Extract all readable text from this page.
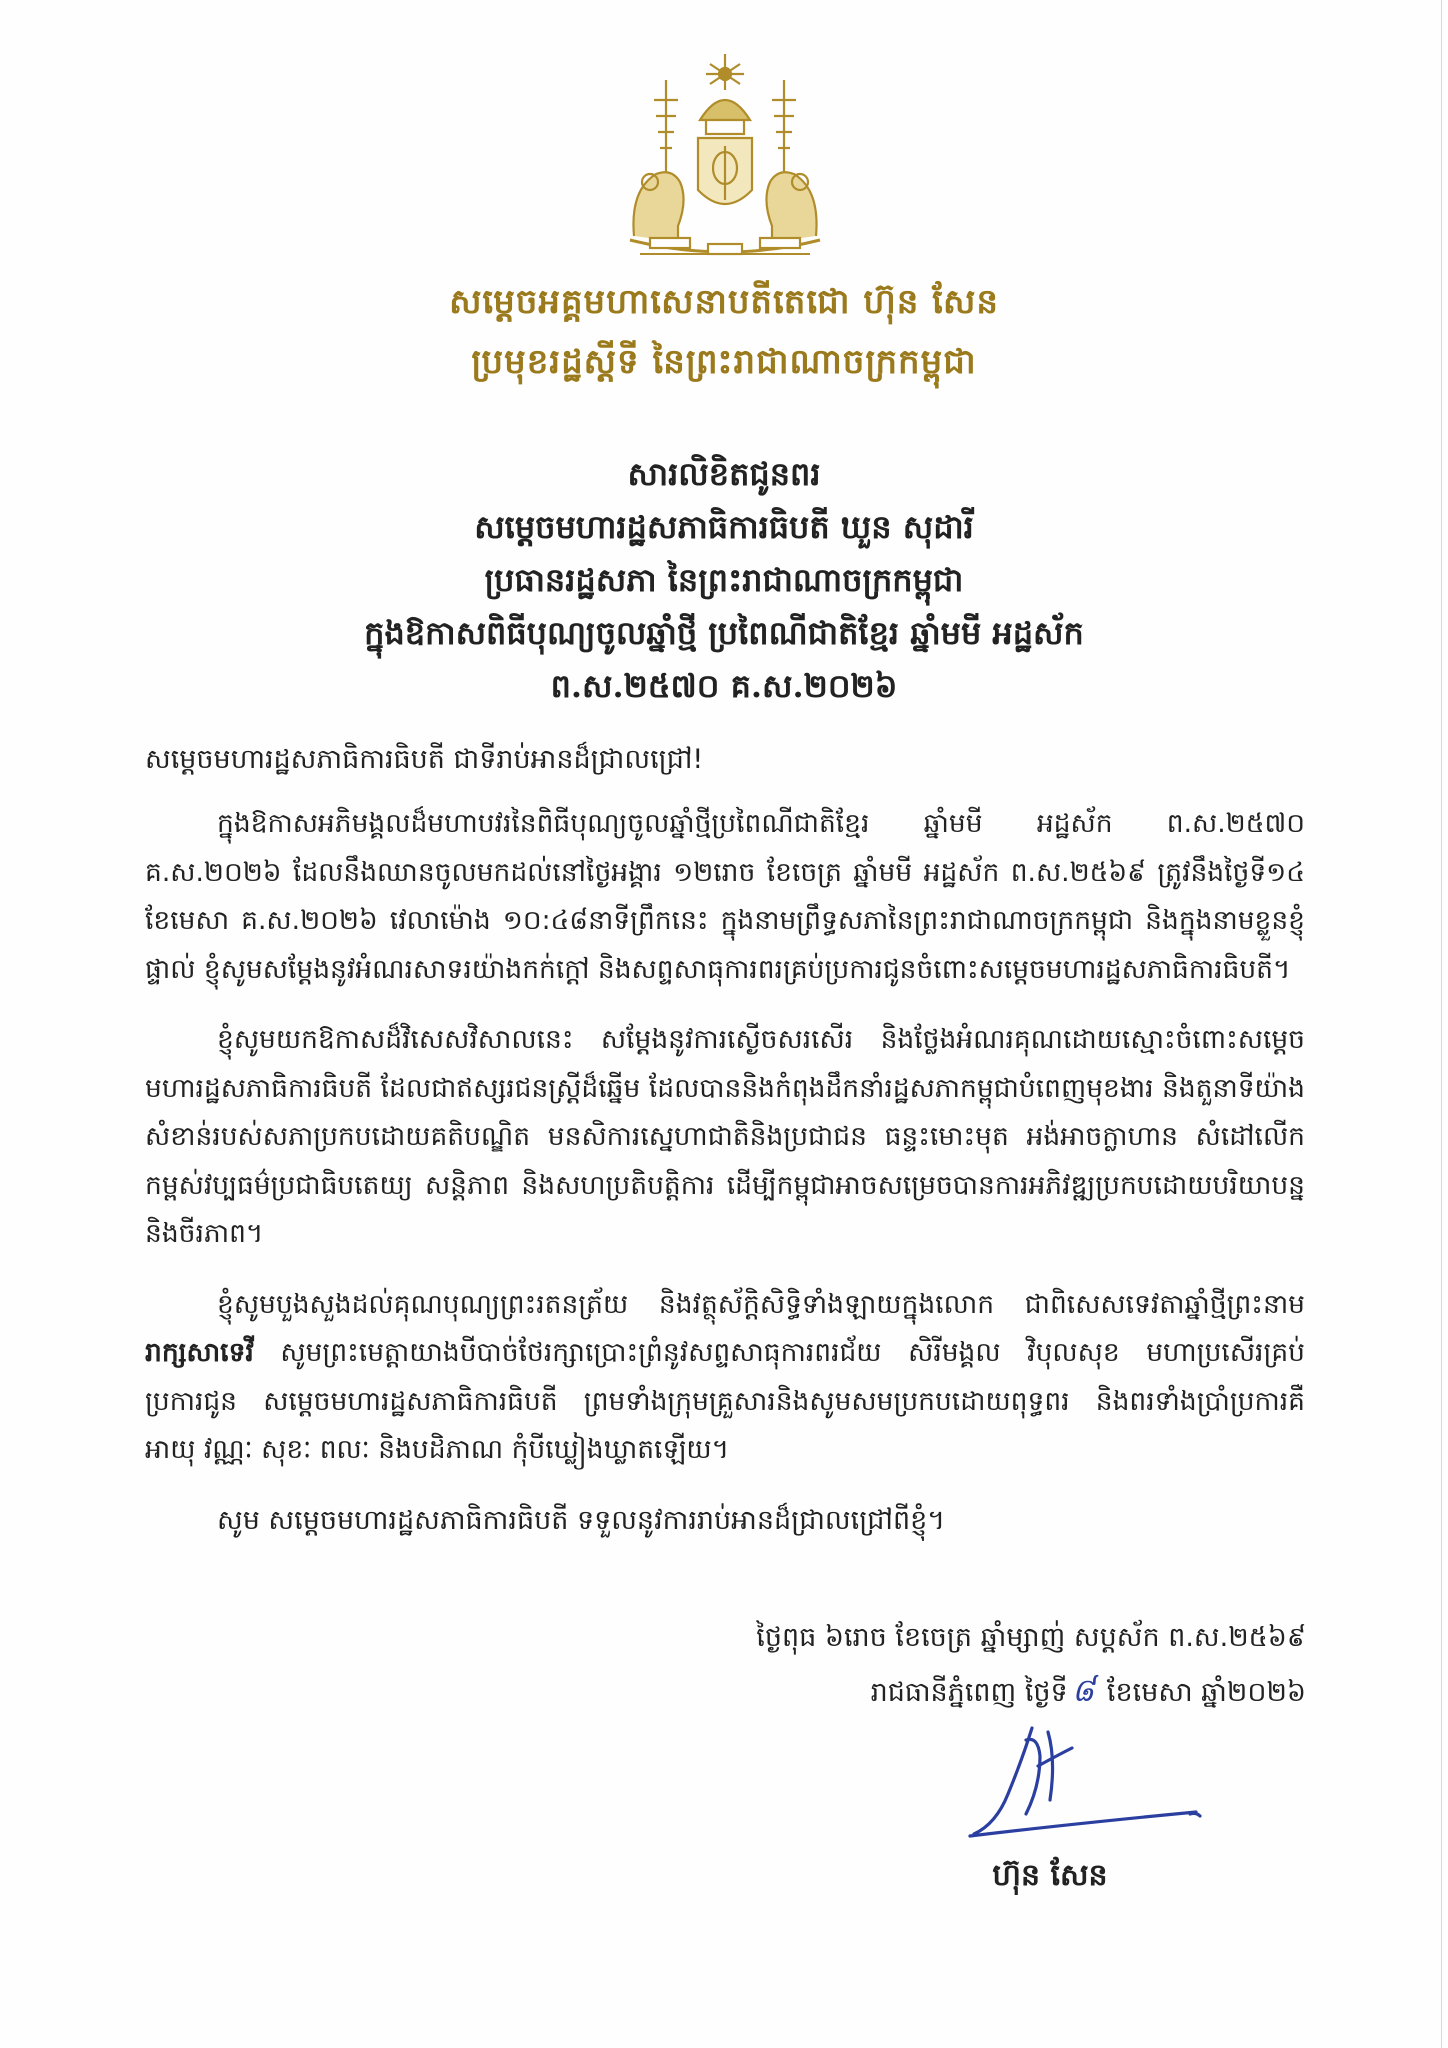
សម្តេចអគ្គមហាសេនាបតីតេជោ ហ៊ុន សែន
ប្រមុខរដ្ឋស្តីទី នៃព្រះរាជាណាចក្រកម្ពុជា
សារលិខិតជូនពរ
សម្តេចមហារដ្ឋសភាធិការធិបតី ឃួន សុដារី
ប្រធានរដ្ឋសភា នៃព្រះរាជាណាចក្រកម្ពុជា
ក្នុងឱកាសពិធីបុណ្យចូលឆ្នាំថ្មី ប្រពៃណីជាតិខ្មែរ ឆ្នាំមមី អដ្ឋស័ក
ព.ស.២៥៧០ គ.ស.២០២៦
សម្តេចមហារដ្ឋសភាធិការធិបតី ជាទីរាប់អានដ៏ជ្រាលជ្រៅ!

ក្នុងឱកាសអភិមង្គលដ៏មហាបវរនៃពិធីបុណ្យចូលឆ្នាំថ្មីប្រពៃណីជាតិខ្មែរ ឆ្នាំមមី អដ្ឋស័ក ព.ស.២៥៧០ គ.ស.២០២៦ ដែលនឹងឈានចូលមកដល់នៅថ្ងៃអង្គារ ១២រោច ខែចេត្រ ឆ្នាំមមី អដ្ឋស័ក ព.ស.២៥៦៩ ត្រូវនឹងថ្ងៃទី១៤ ខែមេសា គ.ស.២០២៦ វេលាម៉ោង ១០:៤៨នាទីព្រឹកនេះ ក្នុងនាមព្រឹទ្ធសភានៃព្រះរាជាណាចក្រកម្ពុជា និងក្នុងនាមខ្លួនខ្ញុំផ្ទាល់ ខ្ញុំសូមសម្តែងនូវអំណរសាទរយ៉ាងកក់ក្តៅ និងសព្ទសាធុការពរគ្រប់ប្រការជូនចំពោះសម្តេចមហារដ្ឋសភាធិការធិបតី។

ខ្ញុំសូមយកឱកាសដ៏វិសេសវិសាលនេះ សម្តែងនូវការស្ងើចសរសើរ និងថ្លែងអំណរគុណដោយស្មោះចំពោះសម្តេចមហារដ្ឋសភាធិការធិបតី ដែលជាឥស្សរជនស្ត្រីដ៏ឆ្នើម ដែលបាននិងកំពុងដឹកនាំរដ្ឋសភាកម្ពុជាបំពេញមុខងារ និងតួនាទីយ៉ាងសំខាន់របស់សភាប្រកបដោយគតិបណ្ឌិត មនសិការស្នេហាជាតិនិងប្រជាជន ធន្ទះមោះមុត អង់អាចក្លាហាន សំដៅលើកកម្ពស់វប្បធម៌ប្រជាធិបតេយ្យ សន្តិភាព និងសហប្រតិបត្តិការ ដើម្បីកម្ពុជាអាចសម្រេចបានការអភិវឌ្ឍប្រកបដោយបរិយាបន្ន និងចីរភាព។

ខ្ញុំសូមបួងសួងដល់គុណបុណ្យព្រះរតនត្រ័យ និងវត្ថុស័ក្តិសិទ្ធិទាំងឡាយក្នុងលោក ជាពិសេសទេវតាឆ្នាំថ្មីព្រះនាម រាក្សសាទេវី សូមព្រះមេត្តាយាងបីបាច់ថែរក្សាប្រោះព្រំនូវសព្ទសាធុការពរជ័យ សិរីមង្គល វិបុលសុខ មហាប្រសើរគ្រប់ប្រការជូន សម្តេចមហារដ្ឋសភាធិការធិបតី ព្រមទាំងក្រុមគ្រួសារនិងសូមសមប្រកបដោយពុទ្ធពរ និងពរទាំងប្រាំប្រការគឺ អាយុ វណ្ណៈ សុខៈ ពលៈ និងបដិភាណ កុំបីឃ្លៀងឃ្លាតឡើយ។

សូម សម្តេចមហារដ្ឋសភាធិការធិបតី ទទួលនូវការរាប់អានដ៏ជ្រាលជ្រៅពីខ្ញុំ។

ថ្ងៃពុធ ៦រោច ខែចេត្រ ឆ្នាំម្សាញ់ សប្តស័ក ព.ស.២៥៦៩
រាជធានីភ្នំពេញ ថ្ងៃទី ៨ ខែមេសា ឆ្នាំ២០២៦
ហ៊ុន សែន
